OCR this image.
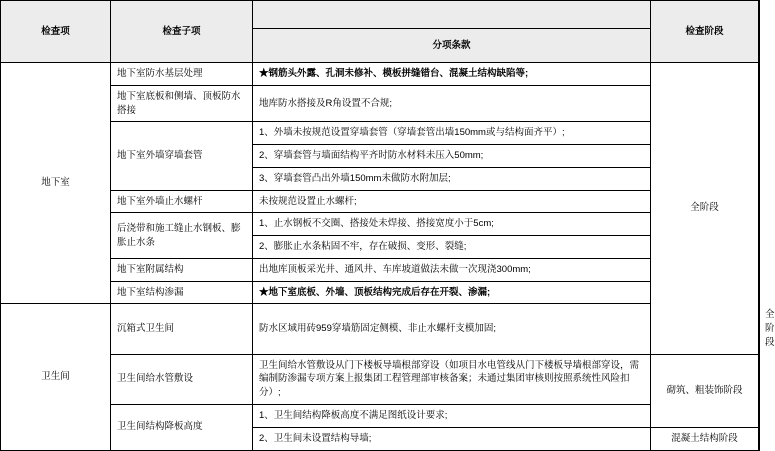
检查项	检查子项		检查阶段	
		分项条款		
地下室	地下室防水基层处理	★钢筋头外露、孔洞未修补、模板拼缝错台、混凝土结构缺陷等;	全阶段	
	地下室底板和侧墙、顶板防水搭接	地库防水搭接及R角设置不合规;		
	地下室外墙穿墙套管	1、外墙未按规范设置穿墙套管（穿墙套管出墙150mm或与结构面齐平）;		
		2、穿墙套管与墙面结构平齐时防水材料未压入50mm;		
		3、穿墙套管凸出外墙150mm未做防水附加层;		
	地下室外墙止水螺杆	未按规范设置止水螺杆;		
	后浇带和施工缝止水钢板、膨胀止水条	1、止水钢板不交圈、搭接处未焊接、搭接宽度小于5cm;		
		2、膨胀止水条粘固不牢，存在破损、变形、裂缝;		
	地下室附属结构	出地库顶板采光井、通风井、车库坡道做法未做一次现浇300mm;		
	地下室结构渗漏	★地下室底板、外墙、顶板结构完成后存在开裂、渗漏;		
卫生间	沉箱式卫生间	防水区域用砖959穿墙筋固定侧模、非止水螺杆支模加固;		全阶段
	卫生间给水管敷设	卫生间给水管敷设从门下楼板导墙根部穿设（如项目水电管线从门下楼板导墙根部穿设，需编制防渗漏专项方案上报集团工程管理部审核备案；未通过集团审核则按照系统性风险扣分）;	砌筑、粗装饰阶段	
	卫生间结构降板高度	1、卫生间结构降板高度不满足图纸设计要求;		
		2、卫生间未设置结构导墙;	混凝土结构阶段	
